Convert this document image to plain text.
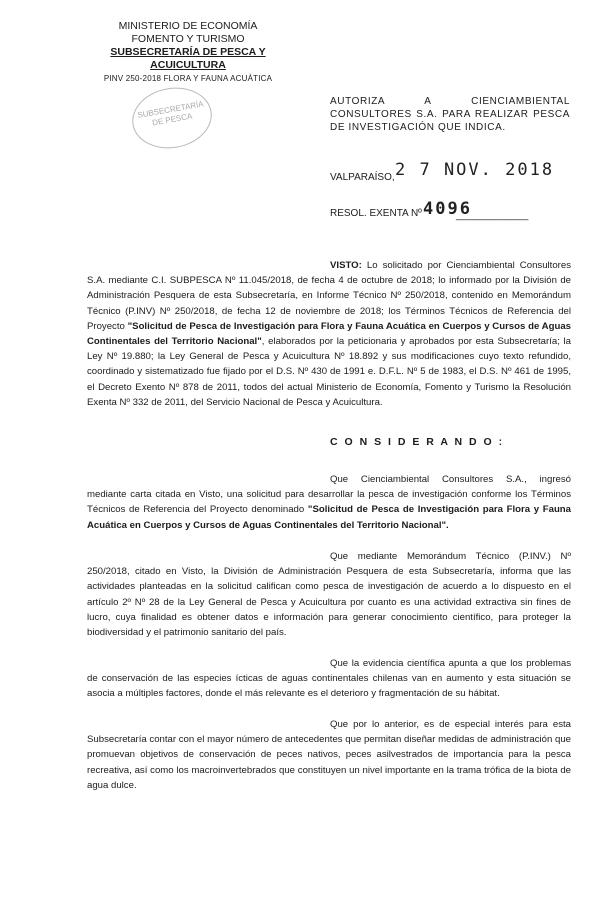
MINISTERIO DE ECONOMÍA
FOMENTO Y TURISMO
SUBSECRETARÍA DE PESCA Y ACUICULTURA
PINV 250-2018 FLORA Y FAUNA ACUÁTICA
SUBSECRETARÍA DE PESCA
AUTORIZA A CIENCIAMBIENTAL CONSULTORES S.A. PARA REALIZAR PESCA DE INVESTIGACIÓN QUE INDICA.
VALPARAÍSO, 2 7 NOV. 2018
RESOL. EXENTA Nº 4096
_____________
VISTO: Lo solicitado por Cienciambiental Consultores S.A. mediante C.I. SUBPESCA Nº 11.045/2018, de fecha 4 de octubre de 2018; lo informado por la División de Administración Pesquera de esta Subsecretaría, en Informe Técnico Nº 250/2018, contenido en Memorándum Técnico (P.INV) Nº 250/2018, de fecha 12 de noviembre de 2018; los Términos Técnicos de Referencia del Proyecto "Solicitud de Pesca de Investigación para Flora y Fauna Acuática en Cuerpos y Cursos de Aguas Continentales del Territorio Nacional", elaborados por la peticionaria y aprobados por esta Subsecretaría; la Ley Nº 19.880; la Ley General de Pesca y Acuicultura Nº 18.892 y sus modificaciones cuyo texto refundido, coordinado y sistematizado fue fijado por el D.S. Nº 430 de 1991 e. D.F.L. Nº 5 de 1983, el D.S. Nº 461 de 1995, el Decreto Exento Nº 878 de 2011, todos del actual Ministerio de Economía, Fomento y Turismo la Resolución Exenta Nº 332 de 2011, del Servicio Nacional de Pesca y Acuicultura.
C O N S I D E R A N D O :
Que Cienciambiental Consultores S.A., ingresó mediante carta citada en Visto, una solicitud para desarrollar la pesca de investigación conforme los Términos Técnicos de Referencia del Proyecto denominado "Solicitud de Pesca de Investigación para Flora y Fauna Acuática en Cuerpos y Cursos de Aguas Continentales del Territorio Nacional".
Que mediante Memorándum Técnico (P.INV.) Nº 250/2018, citado en Visto, la División de Administración Pesquera de esta Subsecretaría, informa que las actividades planteadas en la solicitud califican como pesca de investigación de acuerdo a lo dispuesto en el artículo 2º Nº 28 de la Ley General de Pesca y Acuicultura por cuanto es una actividad extractiva sin fines de lucro, cuya finalidad es obtener datos e información para generar conocimiento científico, para proteger la biodiversidad y el patrimonio sanitario del país.
Que la evidencia científica apunta a que los problemas de conservación de las especies ícticas de aguas continentales chilenas van en aumento y esta situación se asocia a múltiples factores, donde el más relevante es el deterioro y fragmentación de su hábitat.
Que por lo anterior, es de especial interés para esta Subsecretaría contar con el mayor número de antecedentes que permitan diseñar medidas de administración que promuevan objetivos de conservación de peces nativos, peces asilvestrados de importancia para la pesca recreativa, así como los macroinvertebrados que constituyen un nivel importante en la trama trófica de la biota de agua dulce.
